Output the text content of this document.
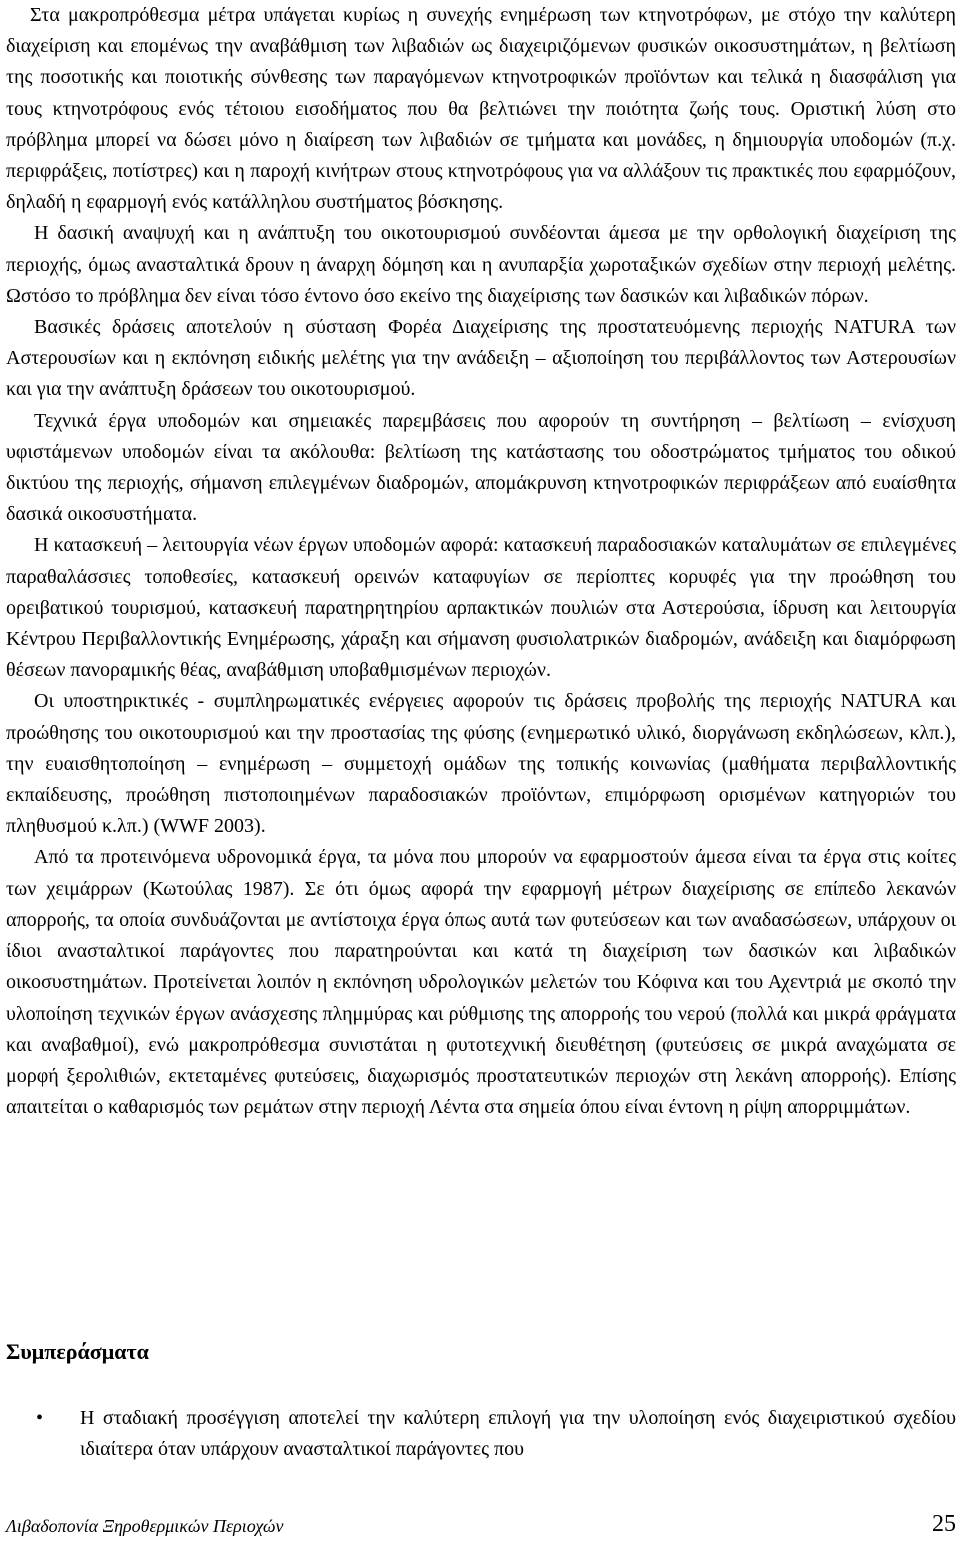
Στα μακροπρόθεσμα μέτρα υπάγεται κυρίως η συνεχής ενημέρωση των κτηνοτρόφων, με στόχο την καλύτερη διαχείριση και επομένως την αναβάθμιση των λιβαδιών ως διαχειριζόμενων φυσικών οικοσυστημάτων, η βελτίωση της ποσοτικής και ποιοτικής σύνθεσης των παραγόμενων κτηνοτροφικών προϊόντων και τελικά η διασφάλιση για τους κτηνοτρόφους ενός τέτοιου εισοδήματος που θα βελτιώνει την ποιότητα ζωής τους. Οριστική λύση στο πρόβλημα μπορεί να δώσει μόνο η διαίρεση των λιβαδιών σε τμήματα και μονάδες, η δημιουργία υποδομών (π.χ. περιφράξεις, ποτίστρες) και η παροχή κινήτρων στους κτηνοτρόφους για να αλλάξουν τις πρακτικές που εφαρμόζουν, δηλαδή η εφαρμογή ενός κατάλληλου συστήματος βόσκησης.

Η δασική αναψυχή και η ανάπτυξη του οικοτουρισμού συνδέονται άμεσα με την ορθολογική διαχείριση της περιοχής, όμως ανασταλτικά δρουν η άναρχη δόμηση και η ανυπαρξία χωροταξικών σχεδίων στην περιοχή μελέτης. Ωστόσο το πρόβλημα δεν είναι τόσο έντονο όσο εκείνο της διαχείρισης των δασικών και λιβαδικών πόρων.

Βασικές δράσεις αποτελούν η σύσταση Φορέα Διαχείρισης της προστατευόμενης περιοχής NATURA των Αστερουσίων και η εκπόνηση ειδικής μελέτης για την ανάδειξη – αξιοποίηση του περιβάλλοντος των Αστερουσίων και για την ανάπτυξη δράσεων του οικοτουρισμού.

Τεχνικά έργα υποδομών και σημειακές παρεμβάσεις που αφορούν τη συντήρηση – βελτίωση – ενίσχυση υφιστάμενων υποδομών είναι τα ακόλουθα: βελτίωση της κατάστασης του οδοστρώματος τμήματος του οδικού δικτύου της περιοχής, σήμανση επιλεγμένων διαδρομών, απομάκρυνση κτηνοτροφικών περιφράξεων από ευαίσθητα δασικά οικοσυστήματα.

Η κατασκευή – λειτουργία νέων έργων υποδομών αφορά: κατασκευή παραδοσιακών καταλυμάτων σε επιλεγμένες παραθαλάσσιες τοποθεσίες, κατασκευή ορεινών καταφυγίων σε περίοπτες κορυφές για την προώθηση του ορειβατικού τουρισμού, κατασκευή παρατηρητηρίου αρπακτικών πουλιών στα Αστερούσια, ίδρυση και λειτουργία Κέντρου Περιβαλλοντικής Ενημέρωσης, χάραξη και σήμανση φυσιολατρικών διαδρομών, ανάδειξη και διαμόρφωση θέσεων πανοραμικής θέας, αναβάθμιση υποβαθμισμένων περιοχών.

Οι υποστηρικτικές - συμπληρωματικές ενέργειες αφορούν τις δράσεις προβολής της περιοχής NATURA και προώθησης του οικοτουρισμού και την προστασίας της φύσης (ενημερωτικό υλικό, διοργάνωση εκδηλώσεων, κλπ.), την ευαισθητοποίηση – ενημέρωση – συμμετοχή ομάδων της τοπικής κοινωνίας (μαθήματα περιβαλλοντικής εκπαίδευσης, προώθηση πιστοποιημένων παραδοσιακών προϊόντων, επιμόρφωση ορισμένων κατηγοριών του πληθυσμού κ.λπ.) (WWF 2003).

Από τα προτεινόμενα υδρονομικά έργα, τα μόνα που μπορούν να εφαρμοστούν άμεσα είναι τα έργα στις κοίτες των χειμάρρων (Κωτούλας 1987). Σε ότι όμως αφορά την εφαρμογή μέτρων διαχείρισης σε επίπεδο λεκανών απορροής, τα οποία συνδυάζονται με αντίστοιχα έργα όπως αυτά των φυτεύσεων και των αναδασώσεων, υπάρχουν οι ίδιοι ανασταλτικοί παράγοντες που παρατηρούνται και κατά τη διαχείριση των δασικών και λιβαδικών οικοσυστημάτων. Προτείνεται λοιπόν η εκπόνηση υδρολογικών μελετών του Κόφινα και του Αχεντριά με σκοπό την υλοποίηση τεχνικών έργων ανάσχεσης πλημμύρας και ρύθμισης της απορροής του νερού (πολλά και μικρά φράγματα και αναβαθμοί), ενώ μακροπρόθεσμα συνιστάται η φυτοτεχνική διευθέτηση (φυτεύσεις σε μικρά αναχώματα σε μορφή ξερολιθιών, εκτεταμένες φυτεύσεις, διαχωρισμός προστατευτικών περιοχών στη λεκάνη απορροής). Επίσης απαιτείται ο καθαρισμός των ρεμάτων στην περιοχή Λέντα στα σημεία όπου είναι έντονη η ρίψη απορριμμάτων.

Συμπεράσματα
•	Η σταδιακή προσέγγιση αποτελεί την καλύτερη επιλογή για την υλοποίηση ενός διαχειριστικού σχεδίου ιδιαίτερα όταν υπάρχουν ανασταλτικοί παράγοντες που

Λιβαδοπονία Ξηροθερμικών Περιοχών	25
